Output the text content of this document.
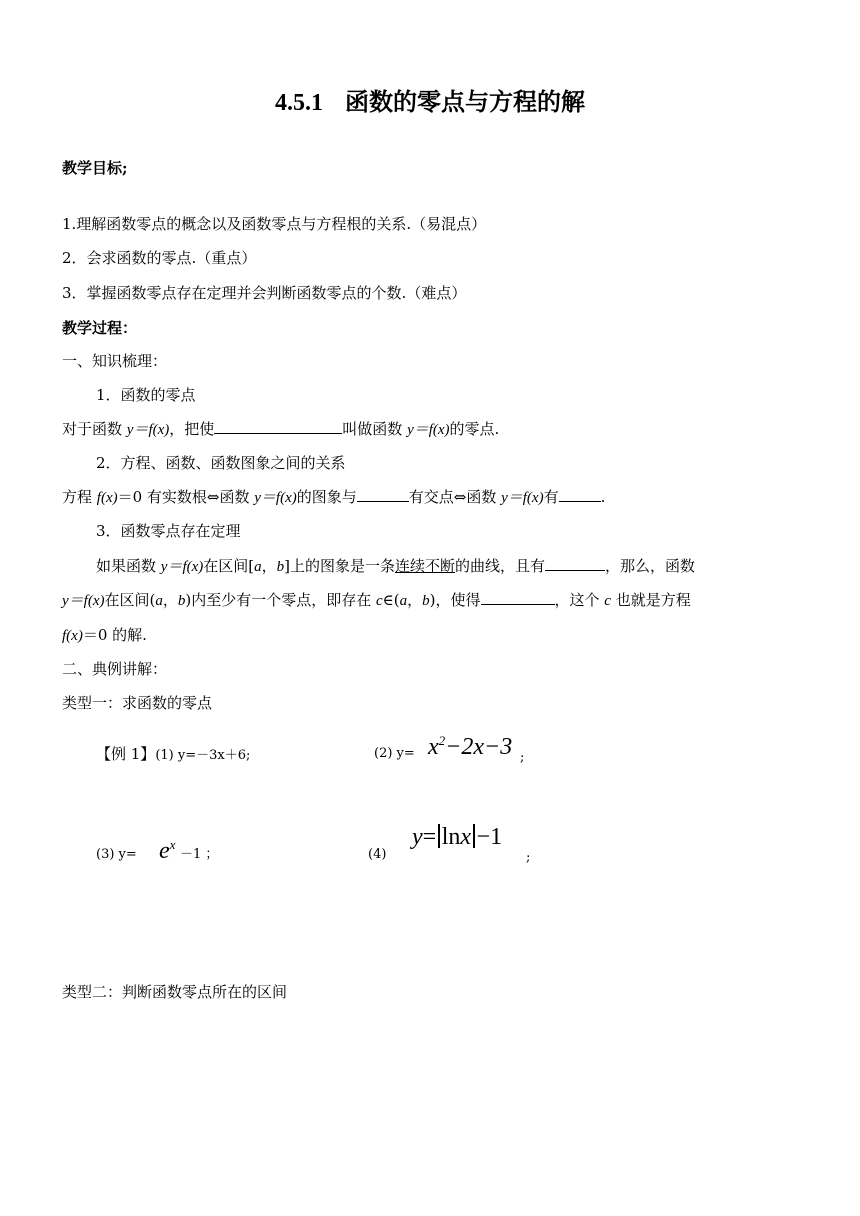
4.5.1 函数的零点与方程的解
教学目标;
1.理解函数零点的概念以及函数零点与方程根的关系.（易混点）
2．会求函数的零点.（重点）
3．掌握函数零点存在定理并会判断函数零点的个数.（难点）
教学过程：
一、知识梳理：
1．函数的零点
对于函数 y＝f(x)，把使	叫做函数 y＝f(x)的零点.
2．方程、函数、函数图象之间的关系
方程 f(x)＝0 有实数根⇔函数 y＝f(x)的图象与	有交点⇔函数 y＝f(x)有	.
3．函数零点存在定理
如果函数 y＝f(x)在区间[a，b]上的图象是一条连续不断的曲线，且有	，那么，函数
y＝f(x)在区间(a，b)内至少有一个零点，即存在 c∈(a，b)，使得	，这个 c 也就是方程
f(x)＝0 的解.
二、典例讲解：
类型一：求函数的零点
【例 1】(1) y=－3x＋6;	(2) $y= x^2-2x-3$ ;
(3) $y= e^x$
－1 ；	(4)
y= lnx −1
;
类型二：判断函数零点所在的区间
